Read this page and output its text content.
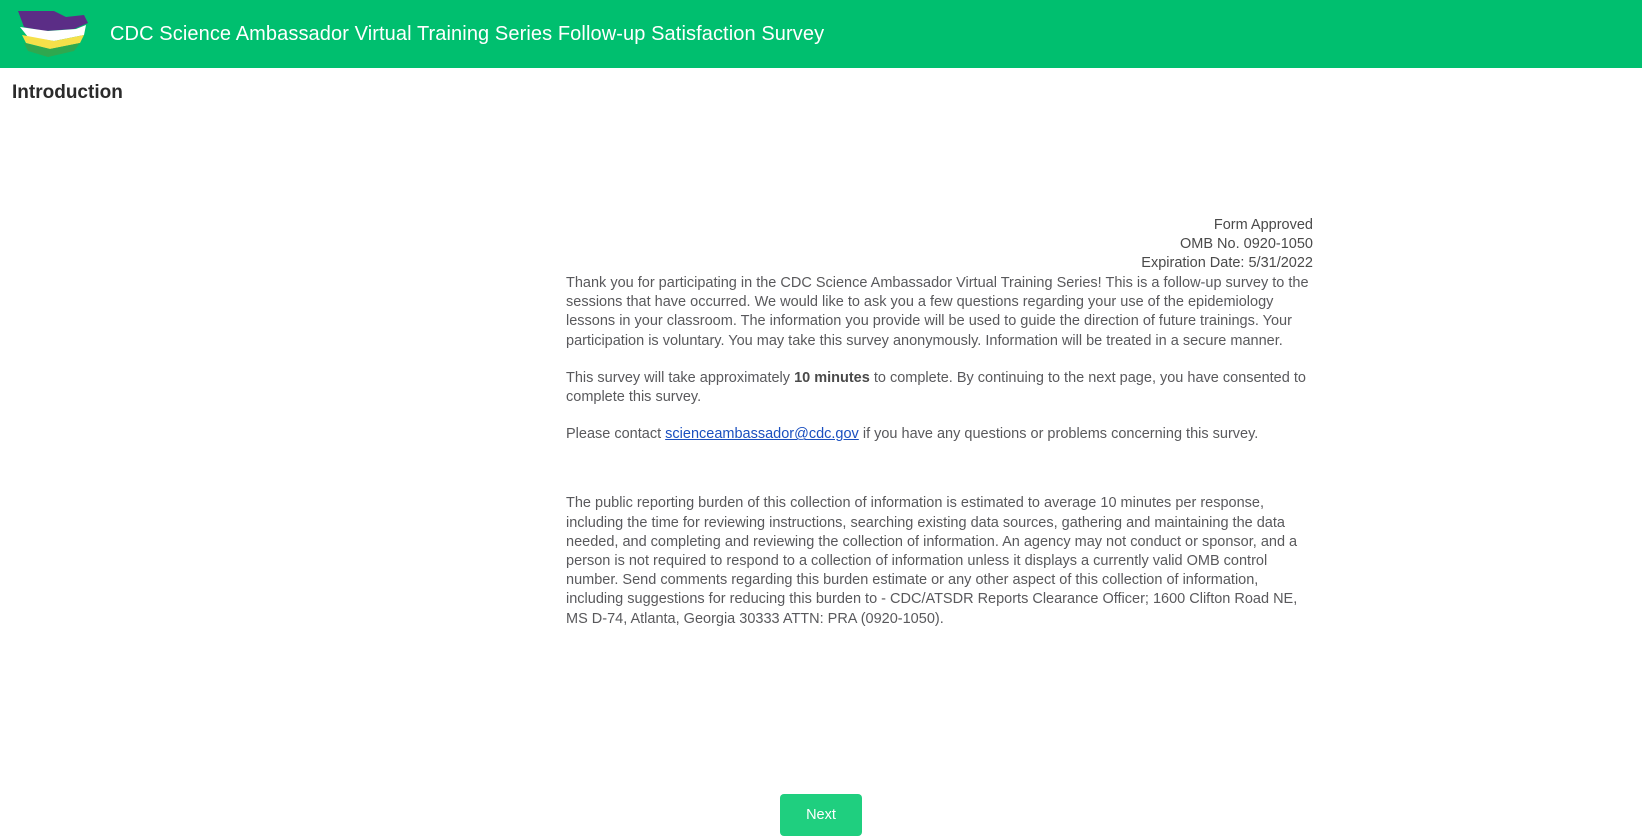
CDC Science Ambassador Virtual Training Series Follow-up Satisfaction Survey
Introduction
Form Approved
OMB No. 0920-1050
Expiration Date: 5/31/2022

Thank you for participating in the CDC Science Ambassador Virtual Training Series! This is a follow-up survey to the sessions that have occurred. We would like to ask you a few questions regarding your use of the epidemiology lessons in your classroom. The information you provide will be used to guide the direction of future trainings. Your participation is voluntary. You may take this survey anonymously. Information will be treated in a secure manner.

This survey will take approximately 10 minutes to complete. By continuing to the next page, you have consented to complete this survey.

Please contact scienceambassador@cdc.gov if you have any questions or problems concerning this survey.

The public reporting burden of this collection of information is estimated to average 10 minutes per response, including the time for reviewing instructions, searching existing data sources, gathering and maintaining the data needed, and completing and reviewing the collection of information. An agency may not conduct or sponsor, and a person is not required to respond to a collection of information unless it displays a currently valid OMB control number. Send comments regarding this burden estimate or any other aspect of this collection of information, including suggestions for reducing this burden to - CDC/ATSDR Reports Clearance Officer; 1600 Clifton Road NE, MS D-74, Atlanta, Georgia 30333 ATTN: PRA (0920-1050).

Next
